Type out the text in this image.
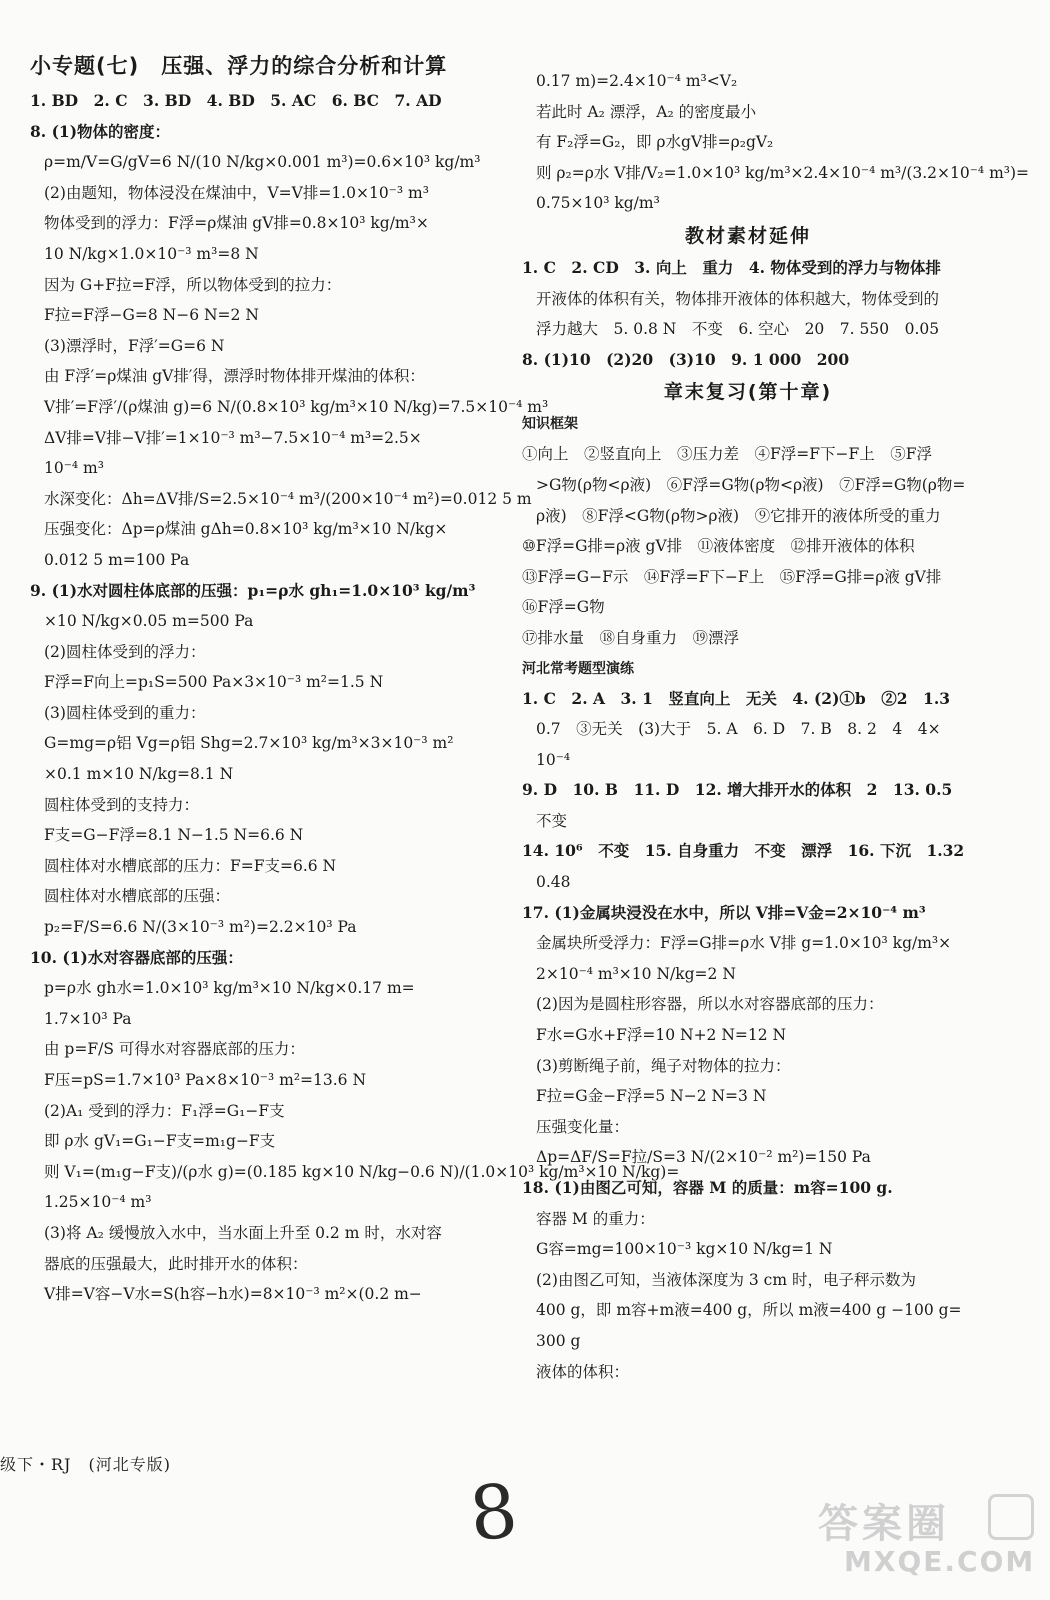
小专题(七)　压强、浮力的综合分析和计算
1. BD　2. C　3. BD　4. BD　5. AC　6. BC　7. AD
8. (1)物体的密度：
ρ=m/V=G/gV=6 N/(10 N/kg×0.001 m³)=0.6×10³ kg/m³
(2)由题知，物体浸没在煤油中，V=V排=1.0×10⁻³ m³
物体受到的浮力：F浮=ρ煤油 gV排=0.8×10³ kg/m³×
10 N/kg×1.0×10⁻³ m³=8 N
因为 G+F拉=F浮，所以物体受到的拉力：
F拉=F浮−G=8 N−6 N=2 N
(3)漂浮时，F浮′=G=6 N
由 F浮′=ρ煤油 gV排′得，漂浮时物体排开煤油的体积：
V排′=F浮′/(ρ煤油 g)=6 N/(0.8×10³ kg/m³×10 N/kg)=7.5×10⁻⁴ m³
ΔV排=V排−V排′=1×10⁻³ m³−7.5×10⁻⁴ m³=2.5×
10⁻⁴ m³
水深变化：Δh=ΔV排/S=2.5×10⁻⁴ m³/(200×10⁻⁴ m²)=0.012 5 m
压强变化：Δp=ρ煤油 gΔh=0.8×10³ kg/m³×10 N/kg×
0.012 5 m=100 Pa
9. (1)水对圆柱体底部的压强：p₁=ρ水 gh₁=1.0×10³ kg/m³
×10 N/kg×0.05 m=500 Pa
(2)圆柱体受到的浮力：
F浮=F向上=p₁S=500 Pa×3×10⁻³ m²=1.5 N
(3)圆柱体受到的重力：
G=mg=ρ铝 Vg=ρ铝 Shg=2.7×10³ kg/m³×3×10⁻³ m²
×0.1 m×10 N/kg=8.1 N
圆柱体受到的支持力：
F支=G−F浮=8.1 N−1.5 N=6.6 N
圆柱体对水槽底部的压力：F=F支=6.6 N
圆柱体对水槽底部的压强：
p₂=F/S=6.6 N/(3×10⁻³ m²)=2.2×10³ Pa
10. (1)水对容器底部的压强：
p=ρ水 gh水=1.0×10³ kg/m³×10 N/kg×0.17 m=
1.7×10³ Pa
由 p=F/S 可得水对容器底部的压力：
F压=pS=1.7×10³ Pa×8×10⁻³ m²=13.6 N
(2)A₁ 受到的浮力：F₁浮=G₁−F支
即 ρ水 gV₁=G₁−F支=m₁g−F支
则 V₁=(m₁g−F支)/(ρ水 g)=(0.185 kg×10 N/kg−0.6 N)/(1.0×10³ kg/m³×10 N/kg)=
1.25×10⁻⁴ m³
(3)将 A₂ 缓慢放入水中，当水面上升至 0.2 m 时，水对容
器底的压强最大，此时排开水的体积：
V排=V容−V水=S(h容−h水)=8×10⁻³ m²×(0.2 m−
0.17 m)=2.4×10⁻⁴ m³<V₂
若此时 A₂ 漂浮，A₂ 的密度最小
有 F₂浮=G₂，即 ρ水gV排=ρ₂gV₂
则 ρ₂=ρ水 V排/V₂=1.0×10³ kg/m³×2.4×10⁻⁴ m³/(3.2×10⁻⁴ m³)=
0.75×10³ kg/m³
教材素材延伸
1. C　2. CD　3. 向上　重力　4. 物体受到的浮力与物体排
开液体的体积有关，物体排开液体的体积越大，物体受到的
浮力越大　5. 0.8 N　不变　6. 空心　20　7. 550　0.05
8. (1)10　(2)20　(3)10　9. 1 000　200
章末复习(第十章)
知识框架
①向上　②竖直向上　③压力差　④F浮=F下−F上　⑤F浮
>G物(ρ物<ρ液)　⑥F浮=G物(ρ物<ρ液)　⑦F浮=G物(ρ物=
ρ液)　⑧F浮<G物(ρ物>ρ液)　⑨它排开的液体所受的重力
⑩F浮=G排=ρ液 gV排　⑪液体密度　⑫排开液体的体积
⑬F浮=G−F示　⑭F浮=F下−F上　⑮F浮=G排=ρ液 gV排
⑯F浮=G物
⑰排水量　⑱自身重力　⑲漂浮
河北常考题型演练
1. C　2. A　3. 1　竖直向上　无关　4. (2)①b　②2　1.3
0.7　③无关　(3)大于　5. A　6. D　7. B　8. 2　4　4×
10⁻⁴
9. D　10. B　11. D　12. 增大排开水的体积　2　13. 0.5
不变
14. 10⁶　不变　15. 自身重力　不变　漂浮　16. 下沉　1.32
0.48
17. (1)金属块浸没在水中，所以 V排=V金=2×10⁻⁴ m³
金属块所受浮力：F浮=G排=ρ水 V排 g=1.0×10³ kg/m³×
2×10⁻⁴ m³×10 N/kg=2 N
(2)因为是圆柱形容器，所以水对容器底部的压力：
F水=G水+F浮=10 N+2 N=12 N
(3)剪断绳子前，绳子对物体的拉力：
F拉=G金−F浮=5 N−2 N=3 N
压强变化量：
Δp=ΔF/S=F拉/S=3 N/(2×10⁻² m²)=150 Pa
18. (1)由图乙可知，容器 M 的质量：m容=100 g.
容器 M 的重力：
G容=mg=100×10⁻³ kg×10 N/kg=1 N
(2)由图乙可知，当液体深度为 3 cm 时，电子秤示数为
400 g，即 m容+m液=400 g，所以 m液=400 g −100 g=
300 g
液体的体积：
级下・RJ　(河北专版)
8	答案圈
MXQE.COM
